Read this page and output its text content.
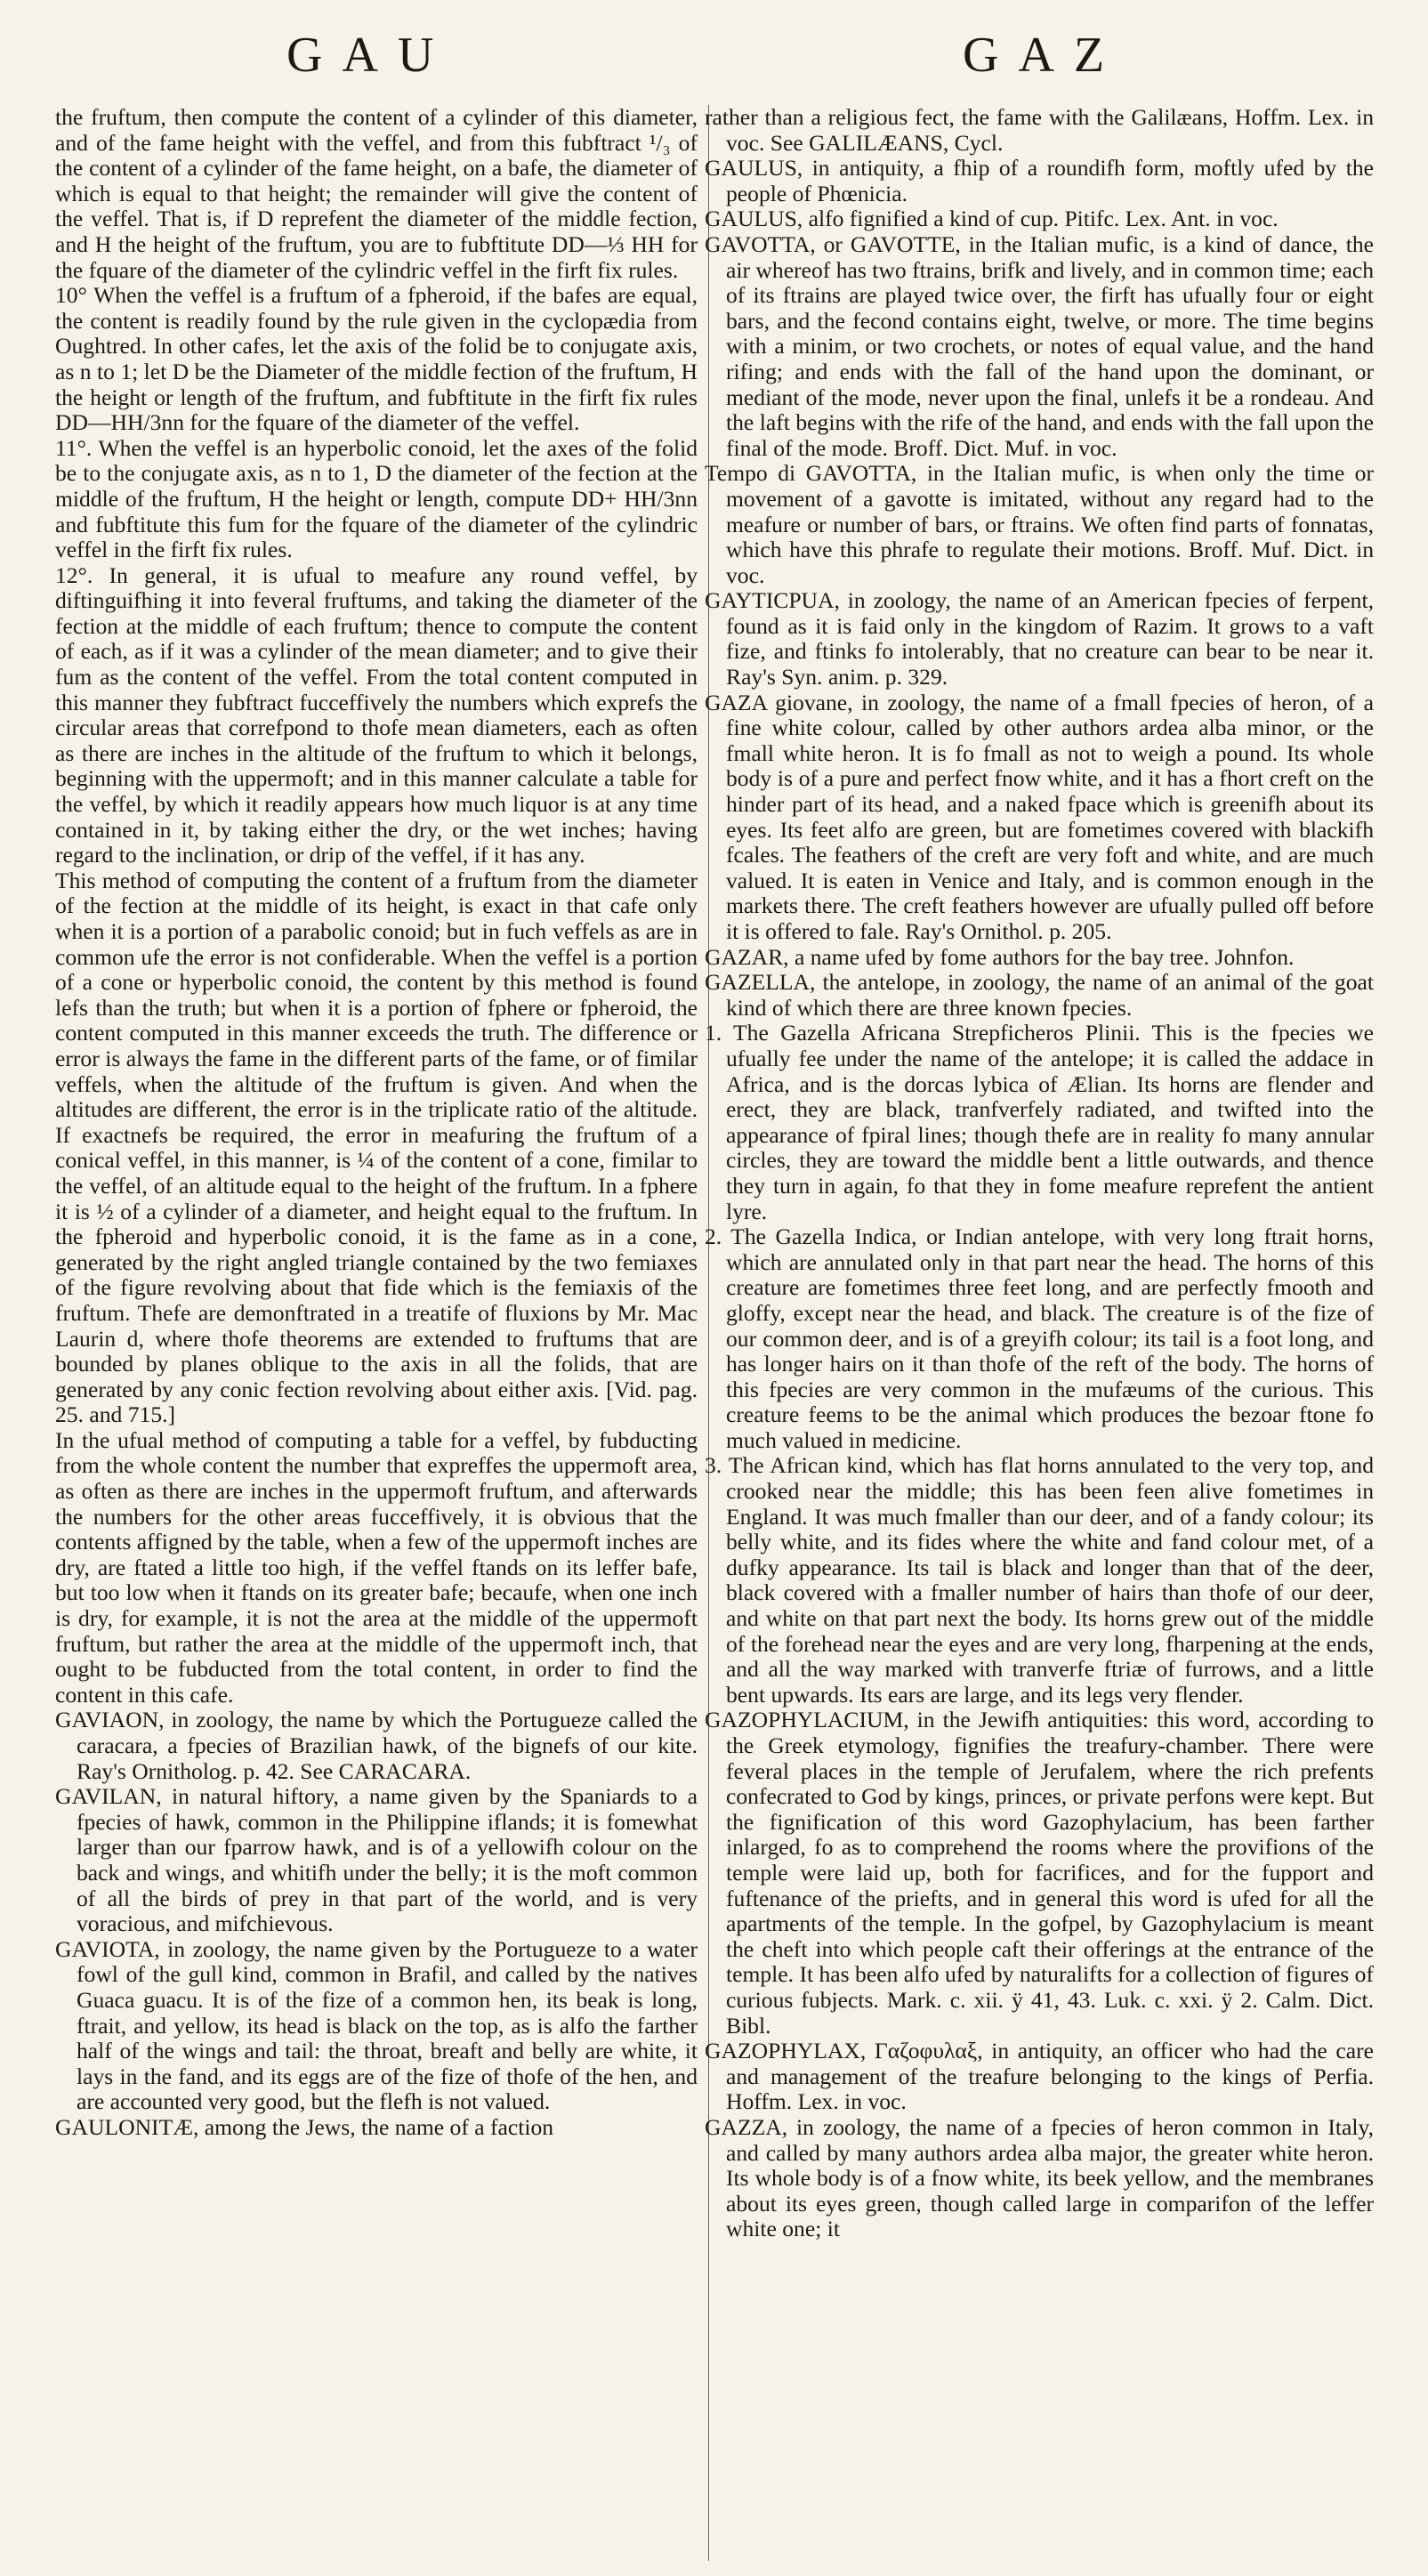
GAU	GAZ

the fruftum, then compute the content of a cylinder of this diameter, and of the fame height with the veffel, and from this fubftract ¹/₃ of the content of a cylinder of the fame height, on a bafe, the diameter of which is equal to that height; the remainder will give the content of the veffel. That is, if D reprefent the diameter of the middle fection, and H the height of the fruftum, you are to fubftitute DD—⅓ HH for the fquare of the diameter of the cylindric veffel in the firft fix rules.

10° When the veffel is a fruftum of a fpheroid, if the bafes are equal, the content is readily found by the rule given in the cyclopædia from Oughtred. In other cafes, let the axis of the folid be to conjugate axis, as n to 1; let D be the Diameter of the middle fection of the fruftum, H the height or length of the fruftum, and fubftitute in the firft fix rules DD—HH/3nn for the fquare of the diameter of the veffel.

11°. When the veffel is an hyperbolic conoid, let the axes of the folid be to the conjugate axis, as n to 1, D the diameter of the fection at the middle of the fruftum, H the height or length, compute DD+ HH/3nn and fubftitute this fum for the fquare of the diameter of the cylindric veffel in the firft fix rules.

12°. In general, it is ufual to meafure any round veffel, by diftinguifhing it into feveral fruftums, and taking the diameter of the fection at the middle of each fruftum; thence to compute the content of each, as if it was a cylinder of the mean diameter; and to give their fum as the content of the veffel. From the total content computed in this manner they fubftract fucceffively the numbers which exprefs the circular areas that correfpond to thofe mean diameters, each as often as there are inches in the altitude of the fruftum to which it belongs, beginning with the uppermoft; and in this manner calculate a table for the veffel, by which it readily appears how much liquor is at any time contained in it, by taking either the dry, or the wet inches; having regard to the inclination, or drip of the veffel, if it has any.

This method of computing the content of a fruftum from the diameter of the fection at the middle of its height, is exact in that cafe only when it is a portion of a parabolic conoid; but in fuch veffels as are in common ufe the error is not confiderable. When the veffel is a portion of a cone or hyperbolic conoid, the content by this method is found lefs than the truth; but when it is a portion of fphere or fpheroid, the content computed in this manner exceeds the truth. The difference or error is always the fame in the different parts of the fame, or of fimilar veffels, when the altitude of the fruftum is given. And when the altitudes are different, the error is in the triplicate ratio of the altitude. If exactnefs be required, the error in meafuring the fruftum of a conical veffel, in this manner, is ¼ of the content of a cone, fimilar to the veffel, of an altitude equal to the height of the fruftum. In a fphere it is ½ of a cylinder of a diameter, and height equal to the fruftum. In the fpheroid and hyperbolic conoid, it is the fame as in a cone, generated by the right angled triangle contained by the two femiaxes of the figure revolving about that fide which is the femiaxis of the fruftum. Thefe are demonftrated in a treatife of fluxions by Mr. Mac Laurin d, where thofe theorems are extended to fruftums that are bounded by planes oblique to the axis in all the folids, that are generated by any conic fection revolving about either axis. [Vid. pag. 25. and 715.]

In the ufual method of computing a table for a veffel, by fubducting from the whole content the number that expreffes the uppermoft area, as often as there are inches in the uppermoft fruftum, and afterwards the numbers for the other areas fucceffively, it is obvious that the contents affigned by the table, when a few of the uppermoft inches are dry, are ftated a little too high, if the veffel ftands on its leffer bafe, but too low when it ftands on its greater bafe; becaufe, when one inch is dry, for example, it is not the area at the middle of the uppermoft fruftum, but rather the area at the middle of the uppermoft inch, that ought to be fubducted from the total content, in order to find the content in this cafe.

GAVIAON, in zoology, the name by which the Portugueze called the caracara, a fpecies of Brazilian hawk, of the bignefs of our kite. Ray's Ornitholog. p. 42. See CARACARA.

GAVILAN, in natural hiftory, a name given by the Spaniards to a fpecies of hawk, common in the Philippine iflands; it is fomewhat larger than our fparrow hawk, and is of a yellowifh colour on the back and wings, and whitifh under the belly; it is the moft common of all the birds of prey in that part of the world, and is very voracious, and mifchievous.

GAVIOTA, in zoology, the name given by the Portugueze to a water fowl of the gull kind, common in Brafil, and called by the natives Guaca guacu. It is of the fize of a common hen, its beak is long, ftrait, and yellow, its head is black on the top, as is alfo the farther half of the wings and tail: the throat, breaft and belly are white, it lays in the fand, and its eggs are of the fize of thofe of the hen, and are accounted very good, but the flefh is not valued.

GAULONITÆ, among the Jews, the name of a faction

rather than a religious fect, the fame with the Galilæans, Hoffm. Lex. in voc. See GALILÆANS, Cycl.

GAULUS, in antiquity, a fhip of a roundifh form, moftly ufed by the people of Phœnicia.

GAULUS, alfo fignified a kind of cup. Pitifc. Lex. Ant. in voc.

GAVOTTA, or GAVOTTE, in the Italian mufic, is a kind of dance, the air whereof has two ftrains, brifk and lively, and in common time; each of its ftrains are played twice over, the firft has ufually four or eight bars, and the fecond contains eight, twelve, or more. The time begins with a minim, or two crochets, or notes of equal value, and the hand rifing; and ends with the fall of the hand upon the dominant, or mediant of the mode, never upon the final, unlefs it be a rondeau. And the laft begins with the rife of the hand, and ends with the fall upon the final of the mode. Broff. Dict. Muf. in voc.

Tempo di GAVOTTA, in the Italian mufic, is when only the time or movement of a gavotte is imitated, without any regard had to the meafure or number of bars, or ftrains. We often find parts of fonnatas, which have this phrafe to regulate their motions. Broff. Muf. Dict. in voc.

GAYTICPUA, in zoology, the name of an American fpecies of ferpent, found as it is faid only in the kingdom of Razim. It grows to a vaft fize, and ftinks fo intolerably, that no creature can bear to be near it. Ray's Syn. anim. p. 329.

GAZA giovane, in zoology, the name of a fmall fpecies of heron, of a fine white colour, called by other authors ardea alba minor, or the fmall white heron. It is fo fmall as not to weigh a pound. Its whole body is of a pure and perfect fnow white, and it has a fhort creft on the hinder part of its head, and a naked fpace which is greenifh about its eyes. Its feet alfo are green, but are fometimes covered with blackifh fcales. The feathers of the creft are very foft and white, and are much valued. It is eaten in Venice and Italy, and is common enough in the markets there. The creft feathers however are ufually pulled off before it is offered to fale. Ray's Ornithol. p. 205.

GAZAR, a name ufed by fome authors for the bay tree. Johnfon.

GAZELLA, the antelope, in zoology, the name of an animal of the goat kind of which there are three known fpecies.

1. The Gazella Africana Strepficheros Plinii. This is the fpecies we ufually fee under the name of the antelope; it is called the addace in Africa, and is the dorcas lybica of Ælian. Its horns are flender and erect, they are black, tranfverfely radiated, and twifted into the appearance of fpiral lines; though thefe are in reality fo many annular circles, they are toward the middle bent a little outwards, and thence they turn in again, fo that they in fome meafure reprefent the antient lyre.

2. The Gazella Indica, or Indian antelope, with very long ftrait horns, which are annulated only in that part near the head. The horns of this creature are fometimes three feet long, and are perfectly fmooth and gloffy, except near the head, and black. The creature is of the fize of our common deer, and is of a greyifh colour; its tail is a foot long, and has longer hairs on it than thofe of the reft of the body. The horns of this fpecies are very common in the mufæums of the curious. This creature feems to be the animal which produces the bezoar ftone fo much valued in medicine.

3. The African kind, which has flat horns annulated to the very top, and crooked near the middle; this has been feen alive fometimes in England. It was much fmaller than our deer, and of a fandy colour; its belly white, and its fides where the white and fand colour met, of a dufky appearance. Its tail is black and longer than that of the deer, black covered with a fmaller number of hairs than thofe of our deer, and white on that part next the body. Its horns grew out of the middle of the forehead near the eyes and are very long, fharpening at the ends, and all the way marked with tranverfe ftriæ of furrows, and a little bent upwards. Its ears are large, and its legs very flender.

GAZOPHYLACIUM, in the Jewifh antiquities: this word, according to the Greek etymology, fignifies the treafury-chamber. There were feveral places in the temple of Jerufalem, where the rich prefents confecrated to God by kings, princes, or private perfons were kept. But the fignification of this word Gazophylacium, has been farther inlarged, fo as to comprehend the rooms where the provifions of the temple were laid up, both for facrifices, and for the fupport and fuftenance of the priefts, and in general this word is ufed for all the apartments of the temple. In the gofpel, by Gazophylacium is meant the cheft into which people caft their offerings at the entrance of the temple. It has been alfo ufed by naturalifts for a collection of figures of curious fubjects. Mark. c. xii. ÿ 41, 43. Luk. c. xxi. ÿ 2. Calm. Dict. Bibl.

GAZOPHYLAX, Γαζοφυλαξ, in antiquity, an officer who had the care and management of the treafure belonging to the kings of Perfia. Hoffm. Lex. in voc.

GAZZA, in zoology, the name of a fpecies of heron common in Italy, and called by many authors ardea alba major, the greater white heron. Its whole body is of a fnow white, its beek yellow, and the membranes about its eyes green, though called large in comparifon of the leffer white one; it
